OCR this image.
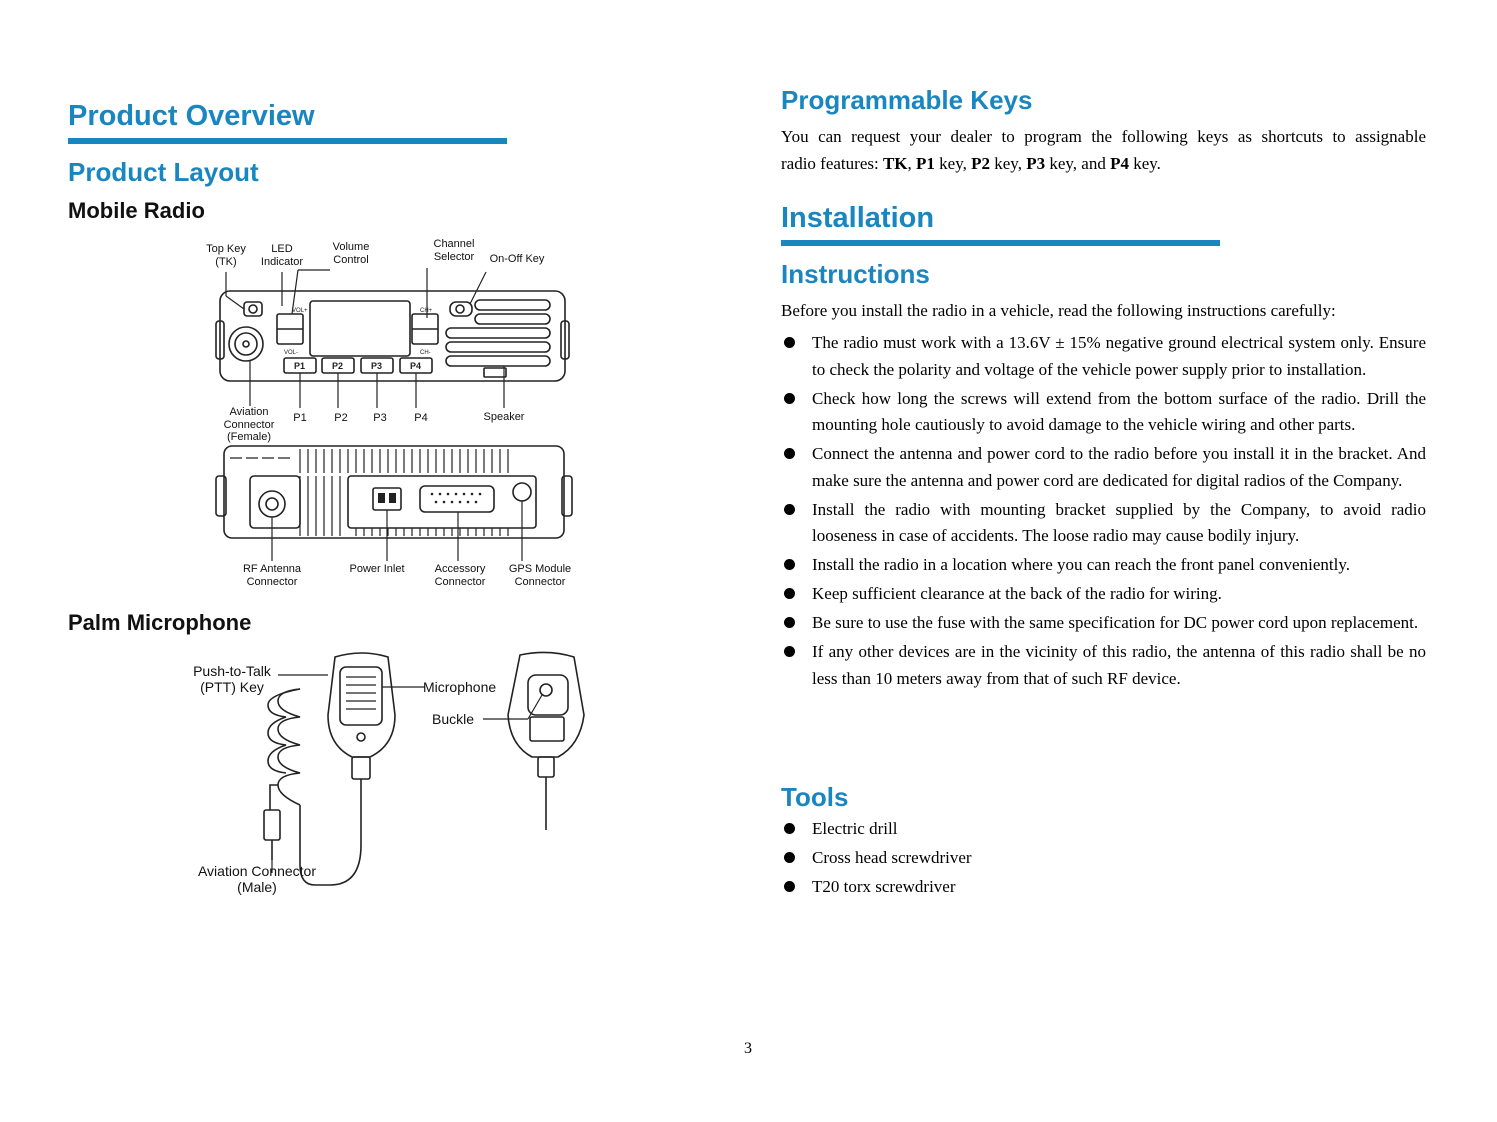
Product Overview
Product Layout
Mobile Radio
VOL+
VOL-
CH+
CH-
P1	P2	P3	P4
Top Key (TK)
LED Indicator
Volume Control
Channel Selector	On-Off Key
Aviation Connector (Female)
P1	P2	P3	P4	Speaker
RF Antenna Connector
Power Inlet	Accessory Connector
GPS Module Connector
Palm Microphone
Push-to-Talk (PTT) Key	Microphone
Buckle
Aviation Connector (Male)
Programmable Keys
You can request your dealer to program the following keys as shortcuts to assignable
radio features: TK, P1 key, P2 key, P3 key, and P4 key.
Installation
Instructions
Before you install the radio in a vehicle, read the following instructions carefully:
The radio must work with a 13.6V ± 15% negative ground electrical system only. Ensure to check the polarity and voltage of the vehicle power supply prior to installation.
Check how long the screws will extend from the bottom surface of the radio. Drill the mounting hole cautiously to avoid damage to the vehicle wiring and other parts.
Connect the antenna and power cord to the radio before you install it in the bracket. And make sure the antenna and power cord are dedicated for digital radios of the Company.
Install the radio with mounting bracket supplied by the Company, to avoid radio looseness in case of accidents. The loose radio may cause bodily injury.
Install the radio in a location where you can reach the front panel conveniently.
Keep sufficient clearance at the back of the radio for wiring.
Be sure to use the fuse with the same specification for DC power cord upon replacement.
If any other devices are in the vicinity of this radio, the antenna of this radio shall be no less than 10 meters away from that of such RF device.
Tools
Electric drill
Cross head screwdriver
T20 torx screwdriver
3
